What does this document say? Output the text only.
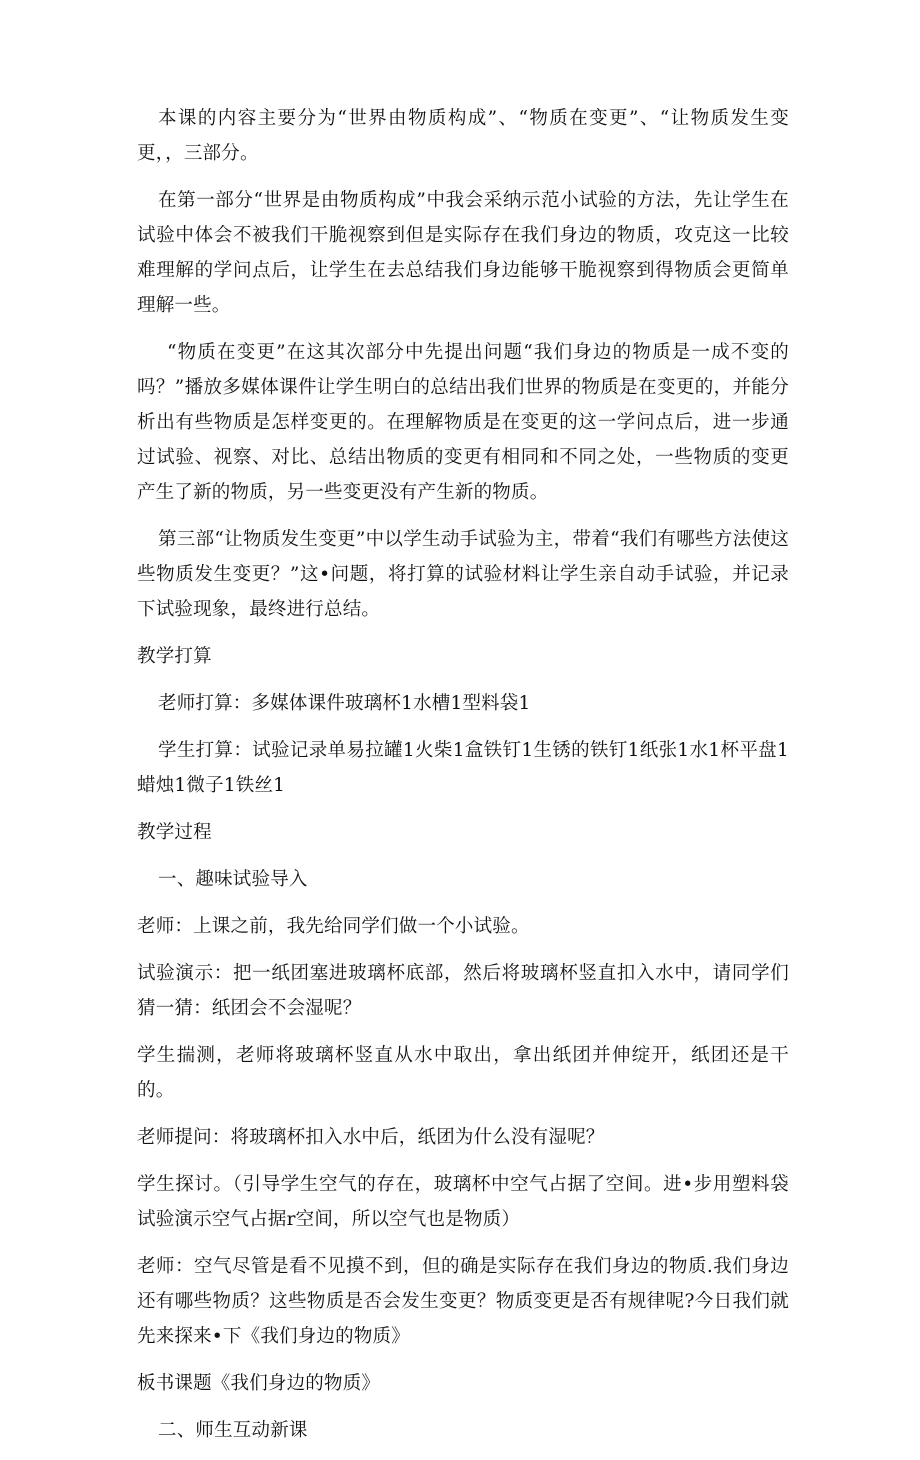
本课的内容主要分为“世界由物质构成”、“物质在变更”、“让物质发生变更，，三部分。

在第一部分“世界是由物质构成”中我会采纳示范小试验的方法，先让学生在试验中体会不被我们干脆视察到但是实际存在我们身边的物质，攻克这一比较难理解的学问点后，让学生在去总结我们身边能够干脆视察到得物质会更简单理解一些。

“物质在变更”在这其次部分中先提出问题“我们身边的物质是一成不变的吗？”播放多媒体课件让学生明白的总结出我们世界的物质是在变更的，并能分析出有些物质是怎样变更的。在理解物质是在变更的这一学问点后，进一步通过试验、视察、对比、总结出物质的变更有相同和不同之处，一些物质的变更产生了新的物质，另一些变更没有产生新的物质。

第三部“让物质发生变更”中以学生动手试验为主，带着“我们有哪些方法使这些物质发生变更？”这•问题，将打算的试验材料让学生亲自动手试验，并记录下试验现象，最终进行总结。

教学打算

老师打算：多媒体课件玻璃杯1水槽1型料袋1

学生打算：试验记录单易拉罐1火柴1盒铁钉1生锈的铁钉1纸张1水1杯平盘1蜡烛1微子1铁丝1

教学过程

一、趣味试验导入

老师：上课之前，我先给同学们做一个小试验。

试验演示：把一纸团塞进玻璃杯底部，然后将玻璃杯竖直扣入水中，请同学们猜一猜：纸团会不会湿呢？

学生揣测，老师将玻璃杯竖直从水中取出，拿出纸团并伸绽开，纸团还是干的。

老师提问：将玻璃杯扣入水中后，纸团为什么没有湿呢？

学生探讨。（引导学生空气的存在，玻璃杯中空气占据了空间。进•步用塑料袋试验演示空气占据r空间，所以空气也是物质）

老师：空气尽管是看不见摸不到，但的确是实际存在我们身边的物质.我们身边还有哪些物质？这些物质是否会发生变更？物质变更是否有规律呢?今日我们就先来探来•下《我们身边的物质》

板书课题《我们身边的物质》

二、师生互动新课
